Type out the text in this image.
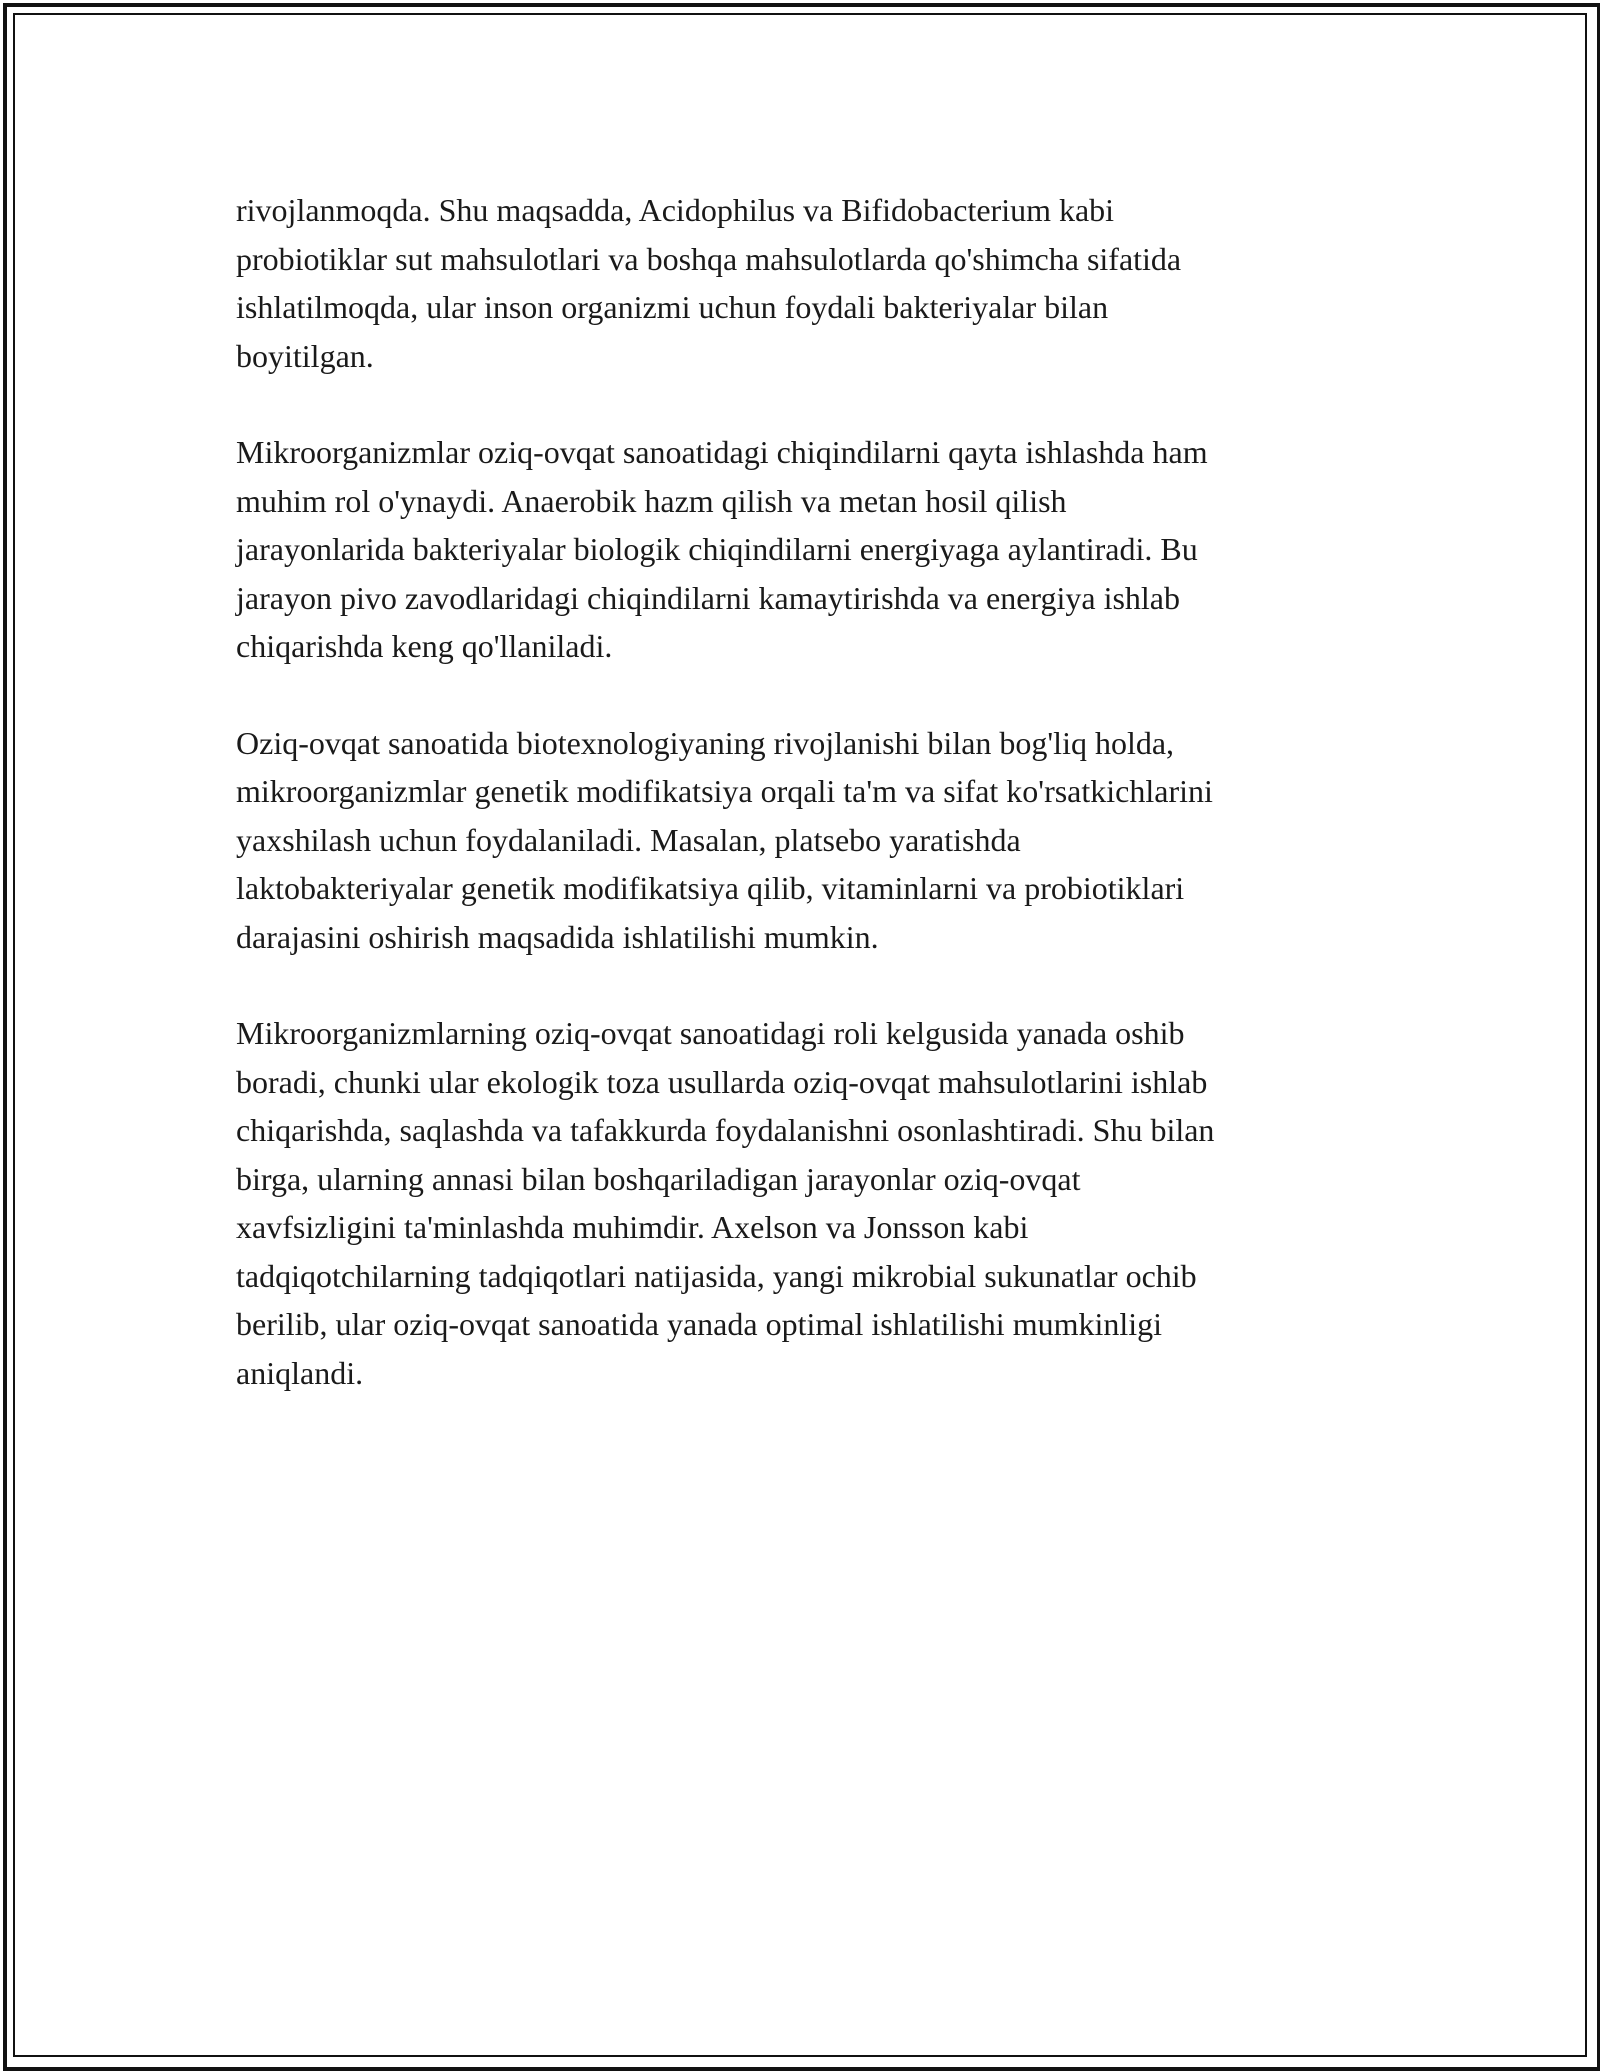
rivojlanmoqda. Shu maqsadda, Acidophilus va Bifidobacterium kabi
probiotiklar sut mahsulotlari va boshqa mahsulotlarda qo'shimcha sifatida
ishlatilmoqda, ular inson organizmi uchun foydali bakteriyalar bilan
boyitilgan.

Mikroorganizmlar oziq-ovqat sanoatidagi chiqindilarni qayta ishlashda ham
muhim rol o'ynaydi. Anaerobik hazm qilish va metan hosil qilish
jarayonlarida bakteriyalar biologik chiqindilarni energiyaga aylantiradi. Bu
jarayon pivo zavodlaridagi chiqindilarni kamaytirishda va energiya ishlab
chiqarishda keng qo'llaniladi.

Oziq-ovqat sanoatida biotexnologiyaning rivojlanishi bilan bog'liq holda,
mikroorganizmlar genetik modifikatsiya orqali ta'm va sifat ko'rsatkichlarini
yaxshilash uchun foydalaniladi. Masalan, platsebo yaratishda
laktobakteriyalar genetik modifikatsiya qilib, vitaminlarni va probiotiklari
darajasini oshirish maqsadida ishlatilishi mumkin.

Mikroorganizmlarning oziq-ovqat sanoatidagi roli kelgusida yanada oshib
boradi, chunki ular ekologik toza usullarda oziq-ovqat mahsulotlarini ishlab
chiqarishda, saqlashda va tafakkurda foydalanishni osonlashtiradi. Shu bilan
birga, ularning annasi bilan boshqariladigan jarayonlar oziq-ovqat
xavfsizligini ta'minlashda muhimdir. Axelson va Jonsson kabi
tadqiqotchilarning tadqiqotlari natijasida, yangi mikrobial sukunatlar ochib
berilib, ular oziq-ovqat sanoatida yanada optimal ishlatilishi mumkinligi
aniqlandi.
